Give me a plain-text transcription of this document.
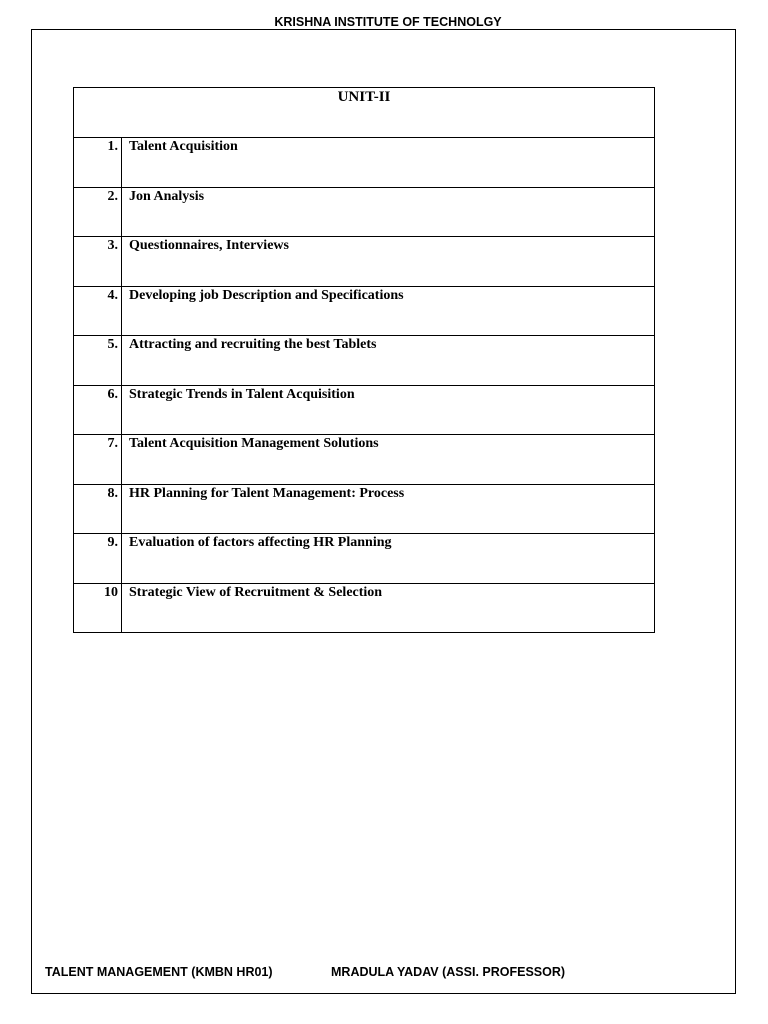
KRISHNA INSTITUTE OF TECHNOLGY
UNIT-II	
1.	Talent Acquisition
2.	Jon Analysis
3.	Questionnaires, Interviews
4.	Developing job Description and Specifications
5.	Attracting and recruiting the best Tablets
6.	Strategic Trends in Talent Acquisition
7.	Talent Acquisition Management Solutions
8.	HR Planning for Talent Management: Process
9.	Evaluation of factors affecting HR Planning
10	Strategic View of Recruitment & Selection
TALENT MANAGEMENT (KMBN HR01)	MRADULA YADAV (ASSI. PROFESSOR)
